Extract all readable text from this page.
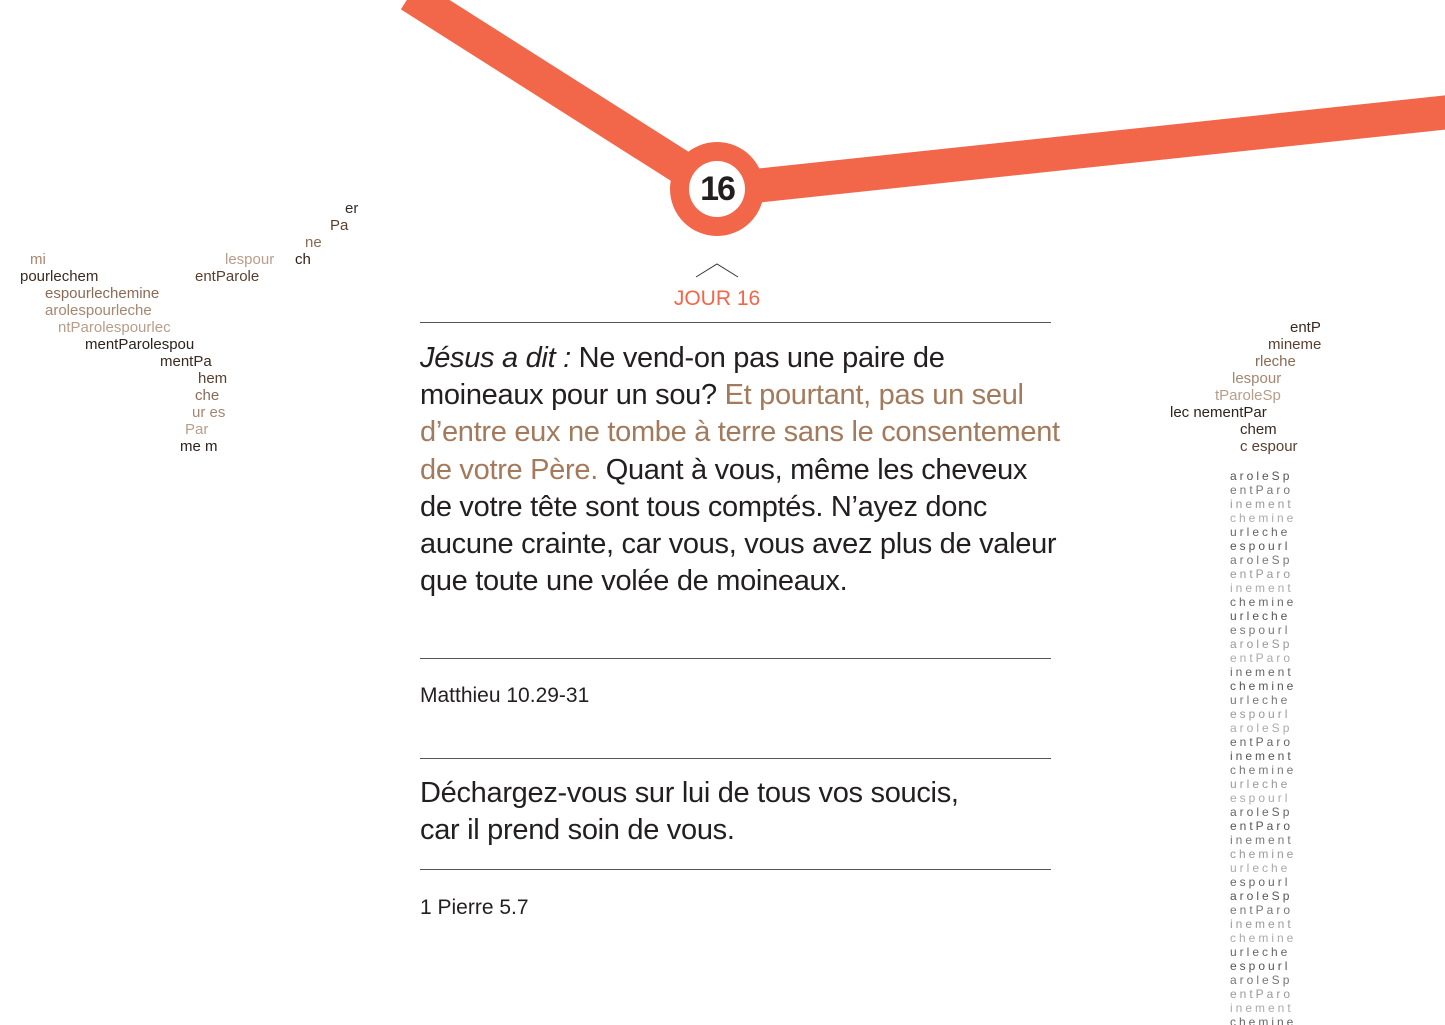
er
Pa
ne
mi	lespour ch
pourlechem	entParole
espourlechemine
arolespourleche
ntParolespourlec
mentParolespou
mentPa
hem
che
ur es
Par
me m
entP
mineme
rleche
lespour
tParoleSp
lec nementPar
chem
c espour
aroleSp
entParo
inement
chemine
urleche
espourl
aroleSp
entParo
inement
chemine
urleche
espourl
aroleSp
entParo
inement
chemine
urleche
espourl
aroleSp
entParo
inement
chemine
urleche
espourl
aroleSp
entParo
inement
chemine
urleche
espourl
aroleSp
entParo
inement
chemine
urleche
espourl
aroleSp
entParo
inement
chemine
16
JOUR 16
Jésus a dit : Ne vend-on pas une paire de moineaux pour un sou? Et pourtant, pas un seul d’entre eux ne tombe à terre sans le consentement de votre Père. Quant à vous, même les cheveux de votre tête sont tous comptés. N’ayez donc aucune crainte, car vous, vous avez plus de valeur que toute une volée de moineaux.
Matthieu 10.29-31
Déchargez-vous sur lui de tous vos soucis,
car il prend soin de vous.
1 Pierre 5.7
